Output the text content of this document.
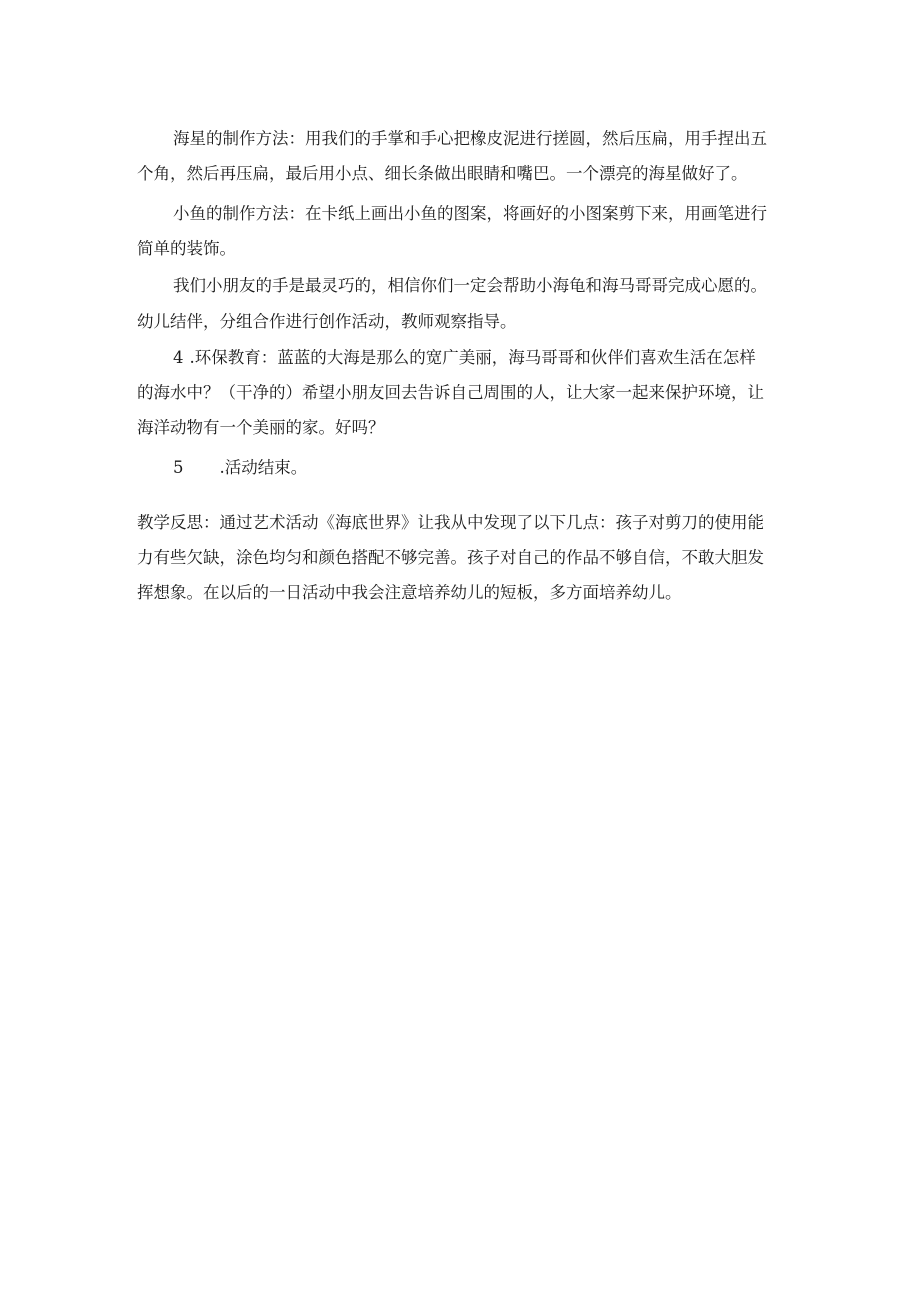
海星的制作方法：用我们的手掌和手心把橡皮泥进行搓圆，然后压扁，用手捏出五
个角，然后再压扁，最后用小点、细长条做出眼睛和嘴巴。一个漂亮的海星做好了。

小鱼的制作方法：在卡纸上画出小鱼的图案，将画好的小图案剪下来，用画笔进行
简单的装饰。

我们小朋友的手是最灵巧的，相信你们一定会帮助小海龟和海马哥哥完成心愿的。

幼儿结伴，分组合作进行创作活动，教师观察指导。

4 .环保教育：蓝蓝的大海是那么的宽广美丽，海马哥哥和伙伴们喜欢生活在怎样
的海水中？（干净的）希望小朋友回去告诉自己周围的人，让大家一起来保护环境，让
海洋动物有一个美丽的家。好吗？

5 .活动结束。

教学反思：通过艺术活动《海底世界》让我从中发现了以下几点：孩子对剪刀的使用能
力有些欠缺，涂色均匀和颜色搭配不够完善。孩子对自己的作品不够自信，不敢大胆发
挥想象。在以后的一日活动中我会注意培养幼儿的短板，多方面培养幼儿。
